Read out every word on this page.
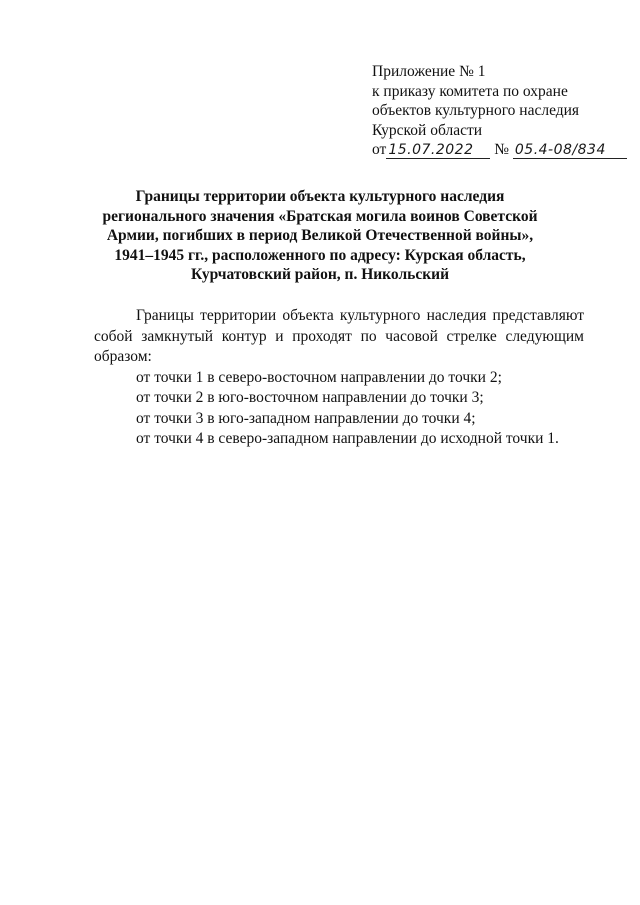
Приложение № 1
к приказу комитета по охране
объектов культурного наследия
Курской области
от 15.07.2022 № 05.4-08/834
Границы территории объекта культурного наследия
регионального значения «Братская могила воинов Советской
Армии, погибших в период Великой Отечественной войны»,
1941–1945 гг., расположенного по адресу: Курская область,
Курчатовский район, п. Никольский

Границы территории объекта культурного наследия представляют собой замкнутый контур и проходят по часовой стрелке следующим образом:

от точки 1 в северо-восточном направлении до точки 2;

от точки 2 в юго-восточном направлении до точки 3;

от точки 3 в юго-западном направлении до точки 4;

от точки 4 в северо-западном направлении до исходной точки 1.
